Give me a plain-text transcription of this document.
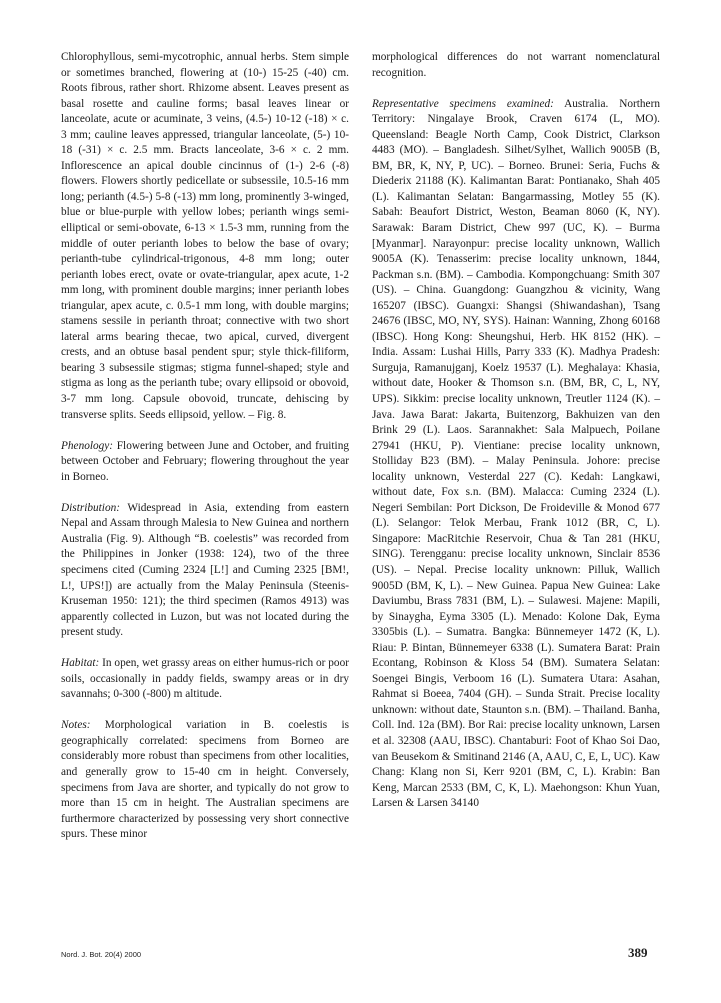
Chlorophyllous, semi-mycotrophic, annual herbs. Stem simple or sometimes branched, flowering at (10-) 15-25 (-40) cm. Roots fibrous, rather short. Rhizome absent. Leaves present as basal rosette and cauline forms; basal leaves linear or lanceolate, acute or acuminate, 3 veins, (4.5-) 10-12 (-18) × c. 3 mm; cauline leaves appressed, triangular lanceolate, (5-) 10-18 (-31) × c. 2.5 mm. Bracts lanceolate, 3-6 × c. 2 mm. Inflorescence an apical double cincinnus of (1-) 2-6 (-8) flowers. Flowers shortly pedicellate or subsessile, 10.5-16 mm long; perianth (4.5-) 5-8 (-13) mm long, prominently 3-winged, blue or blue-purple with yellow lobes; perianth wings semi-elliptical or semi-obovate, 6-13 × 1.5-3 mm, running from the middle of outer perianth lobes to below the base of ovary; perianth-tube cylindrical-trigonous, 4-8 mm long; outer perianth lobes erect, ovate or ovate-triangular, apex acute, 1-2 mm long, with prominent double margins; inner perianth lobes triangular, apex acute, c. 0.5-1 mm long, with double margins; stamens sessile in perianth throat; connective with two short lateral arms bearing thecae, two apical, curved, divergent crests, and an obtuse basal pendent spur; style thick-filiform, bearing 3 subsessile stigmas; stigma funnel-shaped; style and stigma as long as the perianth tube; ovary ellipsoid or obovoid, 3-7 mm long. Capsule obovoid, truncate, dehiscing by transverse splits. Seeds ellipsoid, yellow. – Fig. 8.

Phenology: Flowering between June and October, and fruiting between October and February; flowering throughout the year in Borneo.

Distribution: Widespread in Asia, extending from eastern Nepal and Assam through Malesia to New Guinea and northern Australia (Fig. 9). Although “B. coelestis” was recorded from the Philippines in Jonker (1938: 124), two of the three specimens cited (Cuming 2324 [L!] and Cuming 2325 [BM!, L!, UPS!]) are actually from the Malay Peninsula (Steenis-Kruseman 1950: 121); the third specimen (Ramos 4913) was apparently collected in Luzon, but was not located during the present study.

Habitat: In open, wet grassy areas on either humus-rich or poor soils, occasionally in paddy fields, swampy areas or in dry savannahs; 0-300 (-800) m altitude.

Notes: Morphological variation in B. coelestis is geographically correlated: specimens from Borneo are considerably more robust than specimens from other localities, and generally grow to 15-40 cm in height. Conversely, specimens from Java are shorter, and typically do not grow to more than 15 cm in height. The Australian specimens are furthermore characterized by possessing very short connective spurs. These minor

morphological differences do not warrant nomenclatural recognition.

Representative specimens examined: Australia. Northern Territory: Ningalaye Brook, Craven 6174 (L, MO). Queensland: Beagle North Camp, Cook District, Clarkson 4483 (MO). – Bangladesh. Silhet/Sylhet, Wallich 9005B (B, BM, BR, K, NY, P, UC). – Borneo. Brunei: Seria, Fuchs & Diederix 21188 (K). Kalimantan Barat: Pontianako, Shah 405 (L). Kalimantan Selatan: Bangarmassing, Motley 55 (K). Sabah: Beaufort District, Weston, Beaman 8060 (K, NY). Sarawak: Baram District, Chew 997 (UC, K). – Burma [Myanmar]. Narayonpur: precise locality unknown, Wallich 9005A (K). Tenasserim: precise locality unknown, 1844, Packman s.n. (BM). – Cambodia. Kompongchuang: Smith 307 (US). – China. Guangdong: Guangzhou & vicinity, Wang 165207 (IBSC). Guangxi: Shangsi (Shiwandashan), Tsang 24676 (IBSC, MO, NY, SYS). Hainan: Wanning, Zhong 60168 (IBSC). Hong Kong: Sheungshui, Herb. HK 8152 (HK). – India. Assam: Lushai Hills, Parry 333 (K). Madhya Pradesh: Surguja, Ramanujganj, Koelz 19537 (L). Meghalaya: Khasia, without date, Hooker & Thomson s.n. (BM, BR, C, L, NY, UPS). Sikkim: precise locality unknown, Treutler 1124 (K). – Java. Jawa Barat: Jakarta, Buitenzorg, Bakhuizen van den Brink 29 (L). Laos. Sarannakhet: Sala Malpuech, Poilane 27941 (HKU, P). Vientiane: precise locality unknown, Stolliday B23 (BM). – Malay Peninsula. Johore: precise locality unknown, Vesterdal 227 (C). Kedah: Langkawi, without date, Fox s.n. (BM). Malacca: Cuming 2324 (L). Negeri Sembilan: Port Dickson, De Froideville & Monod 677 (L). Selangor: Telok Merbau, Frank 1012 (BR, C, L). Singapore: MacRitchie Reservoir, Chua & Tan 281 (HKU, SING). Terengganu: precise locality unknown, Sinclair 8536 (US). – Nepal. Precise locality unknown: Pilluk, Wallich 9005D (BM, K, L). – New Guinea. Papua New Guinea: Lake Daviumbu, Brass 7831 (BM, L). – Sulawesi. Majene: Mapili, by Sinaygha, Eyma 3305 (L). Menado: Kolone Dak, Eyma 3305bis (L). – Sumatra. Bangka: Bünnemeyer 1472 (K, L). Riau: P. Bintan, Bünnemeyer 6338 (L). Sumatera Barat: Prain Econtang, Robinson & Kloss 54 (BM). Sumatera Selatan: Soengei Bingis, Verboom 16 (L). Sumatera Utara: Asahan, Rahmat si Boeea, 7404 (GH). – Sunda Strait. Precise locality unknown: without date, Staunton s.n. (BM). – Thailand. Banha, Coll. Ind. 12a (BM). Bor Rai: precise locality unknown, Larsen et al. 32308 (AAU, IBSC). Chantaburi: Foot of Khao Soi Dao, van Beusekom & Smitinand 2146 (A, AAU, C, E, L, UC). Kaw Chang: Klang non Si, Kerr 9201 (BM, C, L). Krabin: Ban Keng, Marcan 2533 (BM, C, K, L). Maehongson: Khun Yuan, Larsen & Larsen 34140

Nord. J. Bot. 20(4) 2000	389
